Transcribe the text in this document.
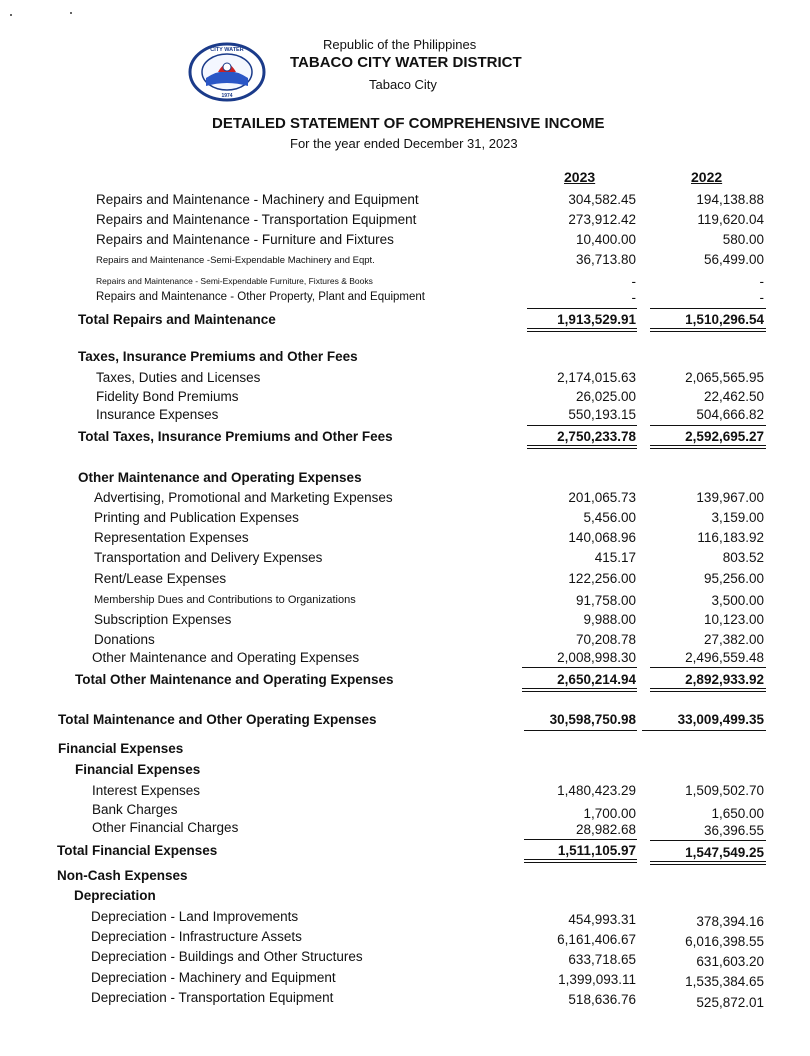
1974
CITY WATER	Republic of the Philippines
TABACO CITY WATER DISTRICT
Tabaco City
DETAILED STATEMENT OF COMPREHENSIVE INCOME
For the year ended December 31, 2023
2023	2022
Repairs and Maintenance - Machinery and Equipment	304,582.45	194,138.88
Repairs and Maintenance - Transportation Equipment	273,912.42	119,620.04
Repairs and Maintenance - Furniture and Fixtures	10,400.00	580.00
Repairs and Maintenance -Semi-Expendable Machinery and Eqpt.	36,713.80	56,499.00
Repairs and Maintenance - Semi-Expendable Furniture, Fixtures & Books	-	-
Repairs and Maintenance - Other Property, Plant and Equipment	-	-
Total Repairs and Maintenance	1,913,529.91	1,510,296.54
Taxes, Insurance Premiums and Other Fees
Taxes, Duties and Licenses	2,174,015.63	2,065,565.95
Fidelity Bond Premiums	26,025.00	22,462.50
Insurance Expenses	550,193.15	504,666.82
Total Taxes, Insurance Premiums and Other Fees	2,750,233.78	2,592,695.27
Other Maintenance and Operating Expenses
Advertising, Promotional and Marketing Expenses	201,065.73	139,967.00
Printing and Publication Expenses	5,456.00	3,159.00
Representation Expenses	140,068.96	116,183.92
Transportation and Delivery Expenses	415.17	803.52
Rent/Lease Expenses	122,256.00	95,256.00
Membership Dues and Contributions to Organizations	91,758.00	3,500.00
Subscription Expenses	9,988.00	10,123.00
Donations	70,208.78	27,382.00
Other Maintenance and Operating Expenses	2,008,998.30	2,496,559.48
Total Other Maintenance and Operating Expenses	2,650,214.94	2,892,933.92
Total Maintenance and Other Operating Expenses	30,598,750.98	33,009,499.35
Financial Expenses
Financial Expenses
Interest Expenses	1,480,423.29	1,509,502.70
Bank Charges	1,700.00	1,650.00
Other Financial Charges	28,982.68	36,396.55
Total Financial Expenses	1,511,105.97	1,547,549.25
Non-Cash Expenses
Depreciation
Depreciation - Land Improvements	454,993.31	378,394.16
Depreciation - Infrastructure Assets	6,161,406.67	6,016,398.55
Depreciation - Buildings and Other Structures	633,718.65	631,603.20
Depreciation - Machinery and Equipment	1,399,093.11	1,535,384.65
Depreciation - Transportation Equipment	518,636.76	525,872.01
